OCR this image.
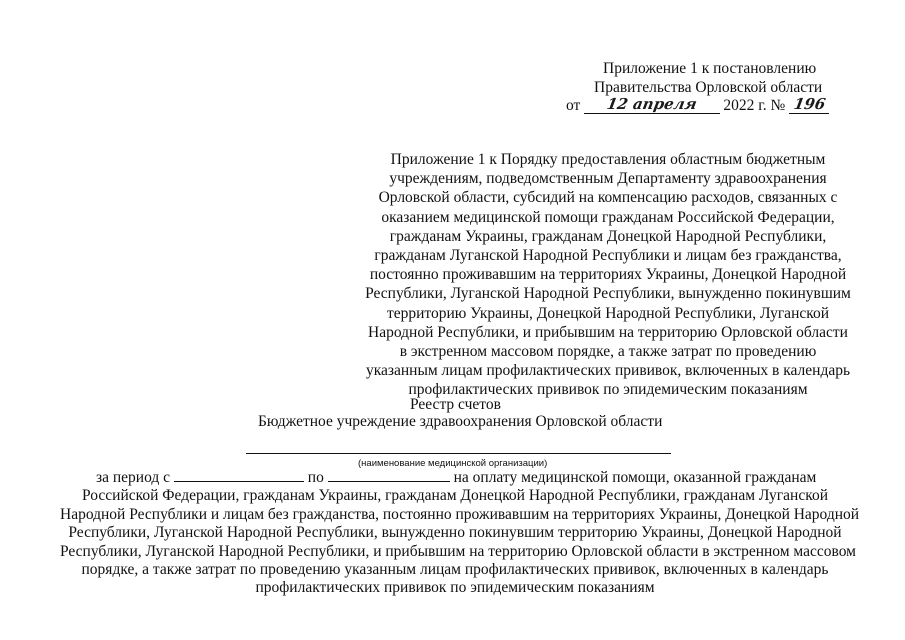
Приложение 1 к постановлению
Правительства Орловской области
от	12 апреля	2022 г. № 196
Приложение 1 к Порядку предоставления областным бюджетным
учреждениям, подведомственным Департаменту здравоохранения
Орловской области, субсидий на компенсацию расходов, связанных с
оказанием медицинской помощи гражданам Российской Федерации,
гражданам Украины, гражданам Донецкой Народной Республики,
гражданам Луганской Народной Республики и лицам без гражданства,
постоянно проживавшим на территориях Украины, Донецкой Народной
Республики, Луганской Народной Республики, вынужденно покинувшим
территорию Украины, Донецкой Народной Республики, Луганской
Народной Республики, и прибывшим на территорию Орловской области
в экстренном массовом порядке, а также затрат по проведению
указанным лицам профилактических прививок, включенных в календарь
профилактических прививок по эпидемическим показаниям
Реестр счетов
Бюджетное учреждение здравоохранения Орловской области
(наименование медицинской организации)
за период с	по	на оплату медицинской помощи, оказанной гражданам
Российской Федерации, гражданам Украины, гражданам Донецкой Народной Республики, гражданам Луганской
Народной Республики и лицам без гражданства, постоянно проживавшим на территориях Украины, Донецкой Народной
Республики, Луганской Народной Республики, вынужденно покинувшим территорию Украины, Донецкой Народной
Республики, Луганской Народной Республики, и прибывшим на территорию Орловской области в экстренном массовом
порядке, а также затрат по проведению указанным лицам профилактических прививок, включенных в календарь
профилактических прививок по эпидемическим показаниям
